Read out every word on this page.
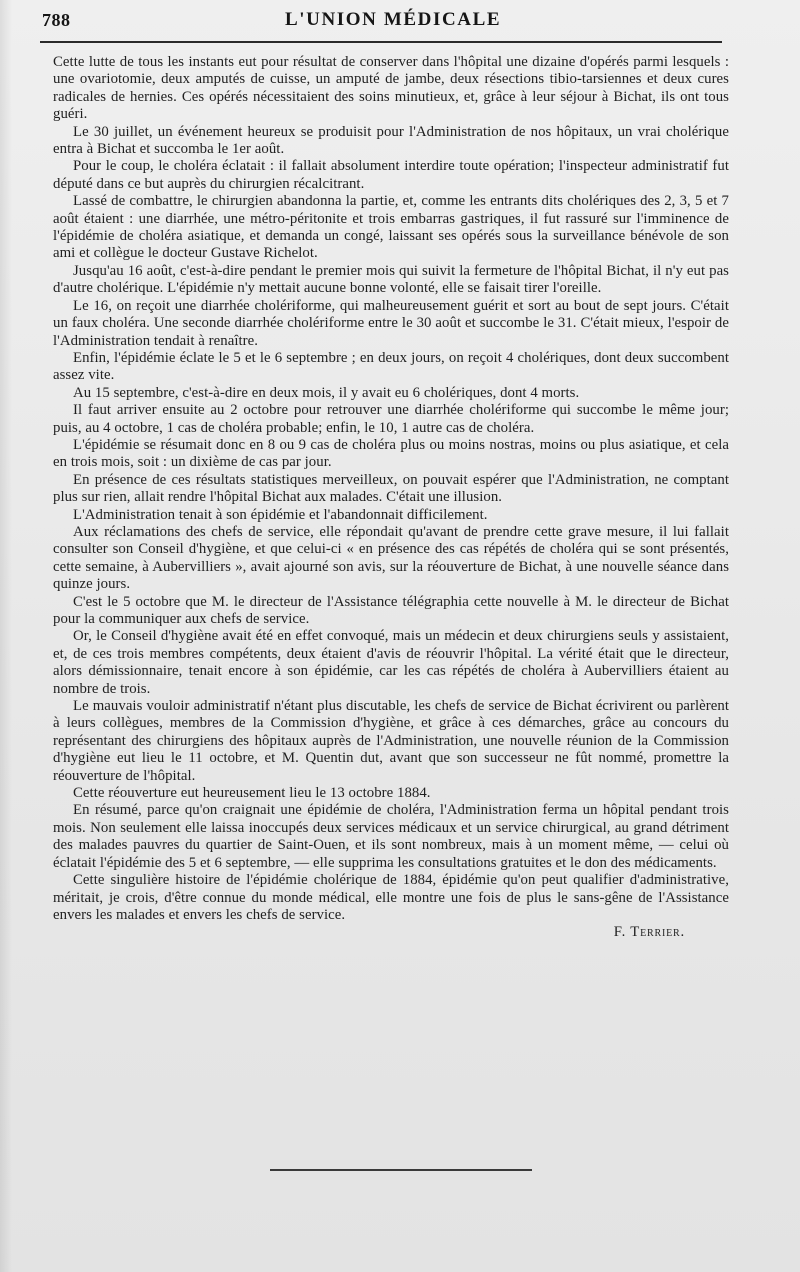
788	L'UNION MÉDICALE

Cette lutte de tous les instants eut pour résultat de conserver dans l'hôpital une dizaine d'opérés parmi lesquels : une ovariotomie, deux amputés de cuisse, un amputé de jambe, deux résections tibio-tarsiennes et deux cures radicales de hernies. Ces opérés nécessitaient des soins minutieux, et, grâce à leur séjour à Bichat, ils ont tous guéri.

Le 30 juillet, un événement heureux se produisit pour l'Administration de nos hôpitaux, un vrai cholérique entra à Bichat et succomba le 1er août.

Pour le coup, le choléra éclatait : il fallait absolument interdire toute opération; l'inspecteur administratif fut député dans ce but auprès du chirurgien récalcitrant.

Lassé de combattre, le chirurgien abandonna la partie, et, comme les entrants dits cholériques des 2, 3, 5 et 7 août étaient : une diarrhée, une métro-péritonite et trois embarras gastriques, il fut rassuré sur l'imminence de l'épidémie de choléra asiatique, et demanda un congé, laissant ses opérés sous la surveillance bénévole de son ami et collègue le docteur Gustave Richelot.

Jusqu'au 16 août, c'est-à-dire pendant le premier mois qui suivit la fermeture de l'hôpital Bichat, il n'y eut pas d'autre cholérique. L'épidémie n'y mettait aucune bonne volonté, elle se faisait tirer l'oreille.

Le 16, on reçoit une diarrhée cholériforme, qui malheureusement guérit et sort au bout de sept jours. C'était un faux choléra. Une seconde diarrhée cholériforme entre le 30 août et succombe le 31. C'était mieux, l'espoir de l'Administration tendait à renaître.

Enfin, l'épidémie éclate le 5 et le 6 septembre ; en deux jours, on reçoit 4 cholériques, dont deux succombent assez vite.

Au 15 septembre, c'est-à-dire en deux mois, il y avait eu 6 cholériques, dont 4 morts.

Il faut arriver ensuite au 2 octobre pour retrouver une diarrhée cholériforme qui succombe le même jour; puis, au 4 octobre, 1 cas de choléra probable; enfin, le 10, 1 autre cas de choléra.

L'épidémie se résumait donc en 8 ou 9 cas de choléra plus ou moins nostras, moins ou plus asiatique, et cela en trois mois, soit : un dixième de cas par jour.

En présence de ces résultats statistiques merveilleux, on pouvait espérer que l'Administration, ne comptant plus sur rien, allait rendre l'hôpital Bichat aux malades. C'était une illusion.

L'Administration tenait à son épidémie et l'abandonnait difficilement.

Aux réclamations des chefs de service, elle répondait qu'avant de prendre cette grave mesure, il lui fallait consulter son Conseil d'hygiène, et que celui-ci « en présence des cas répétés de choléra qui se sont présentés, cette semaine, à Aubervilliers », avait ajourné son avis, sur la réouverture de Bichat, à une nouvelle séance dans quinze jours.

C'est le 5 octobre que M. le directeur de l'Assistance télégraphia cette nouvelle à M. le directeur de Bichat pour la communiquer aux chefs de service.

Or, le Conseil d'hygiène avait été en effet convoqué, mais un médecin et deux chirurgiens seuls y assistaient, et, de ces trois membres compétents, deux étaient d'avis de réouvrir l'hôpital. La vérité était que le directeur, alors démissionnaire, tenait encore à son épidémie, car les cas répétés de choléra à Aubervilliers étaient au nombre de trois.

Le mauvais vouloir administratif n'étant plus discutable, les chefs de service de Bichat écrivirent ou parlèrent à leurs collègues, membres de la Commission d'hygiène, et grâce à ces démarches, grâce au concours du représentant des chirurgiens des hôpitaux auprès de l'Administration, une nouvelle réunion de la Commission d'hygiène eut lieu le 11 octobre, et M. Quentin dut, avant que son successeur ne fût nommé, promettre la réouverture de l'hôpital.

Cette réouverture eut heureusement lieu le 13 octobre 1884.

En résumé, parce qu'on craignait une épidémie de choléra, l'Administration ferma un hôpital pendant trois mois. Non seulement elle laissa inoccupés deux services médicaux et un service chirurgical, au grand détriment des malades pauvres du quartier de Saint-Ouen, et ils sont nombreux, mais à un moment même, — celui où éclatait l'épidémie des 5 et 6 septembre, — elle supprima les consultations gratuites et le don des médicaments.

Cette singulière histoire de l'épidémie cholérique de 1884, épidémie qu'on peut qualifier d'administrative, méritait, je crois, d'être connue du monde médical, elle montre une fois de plus le sans-gêne de l'Assistance envers les malades et envers les chefs de service.
F. Terrier.
